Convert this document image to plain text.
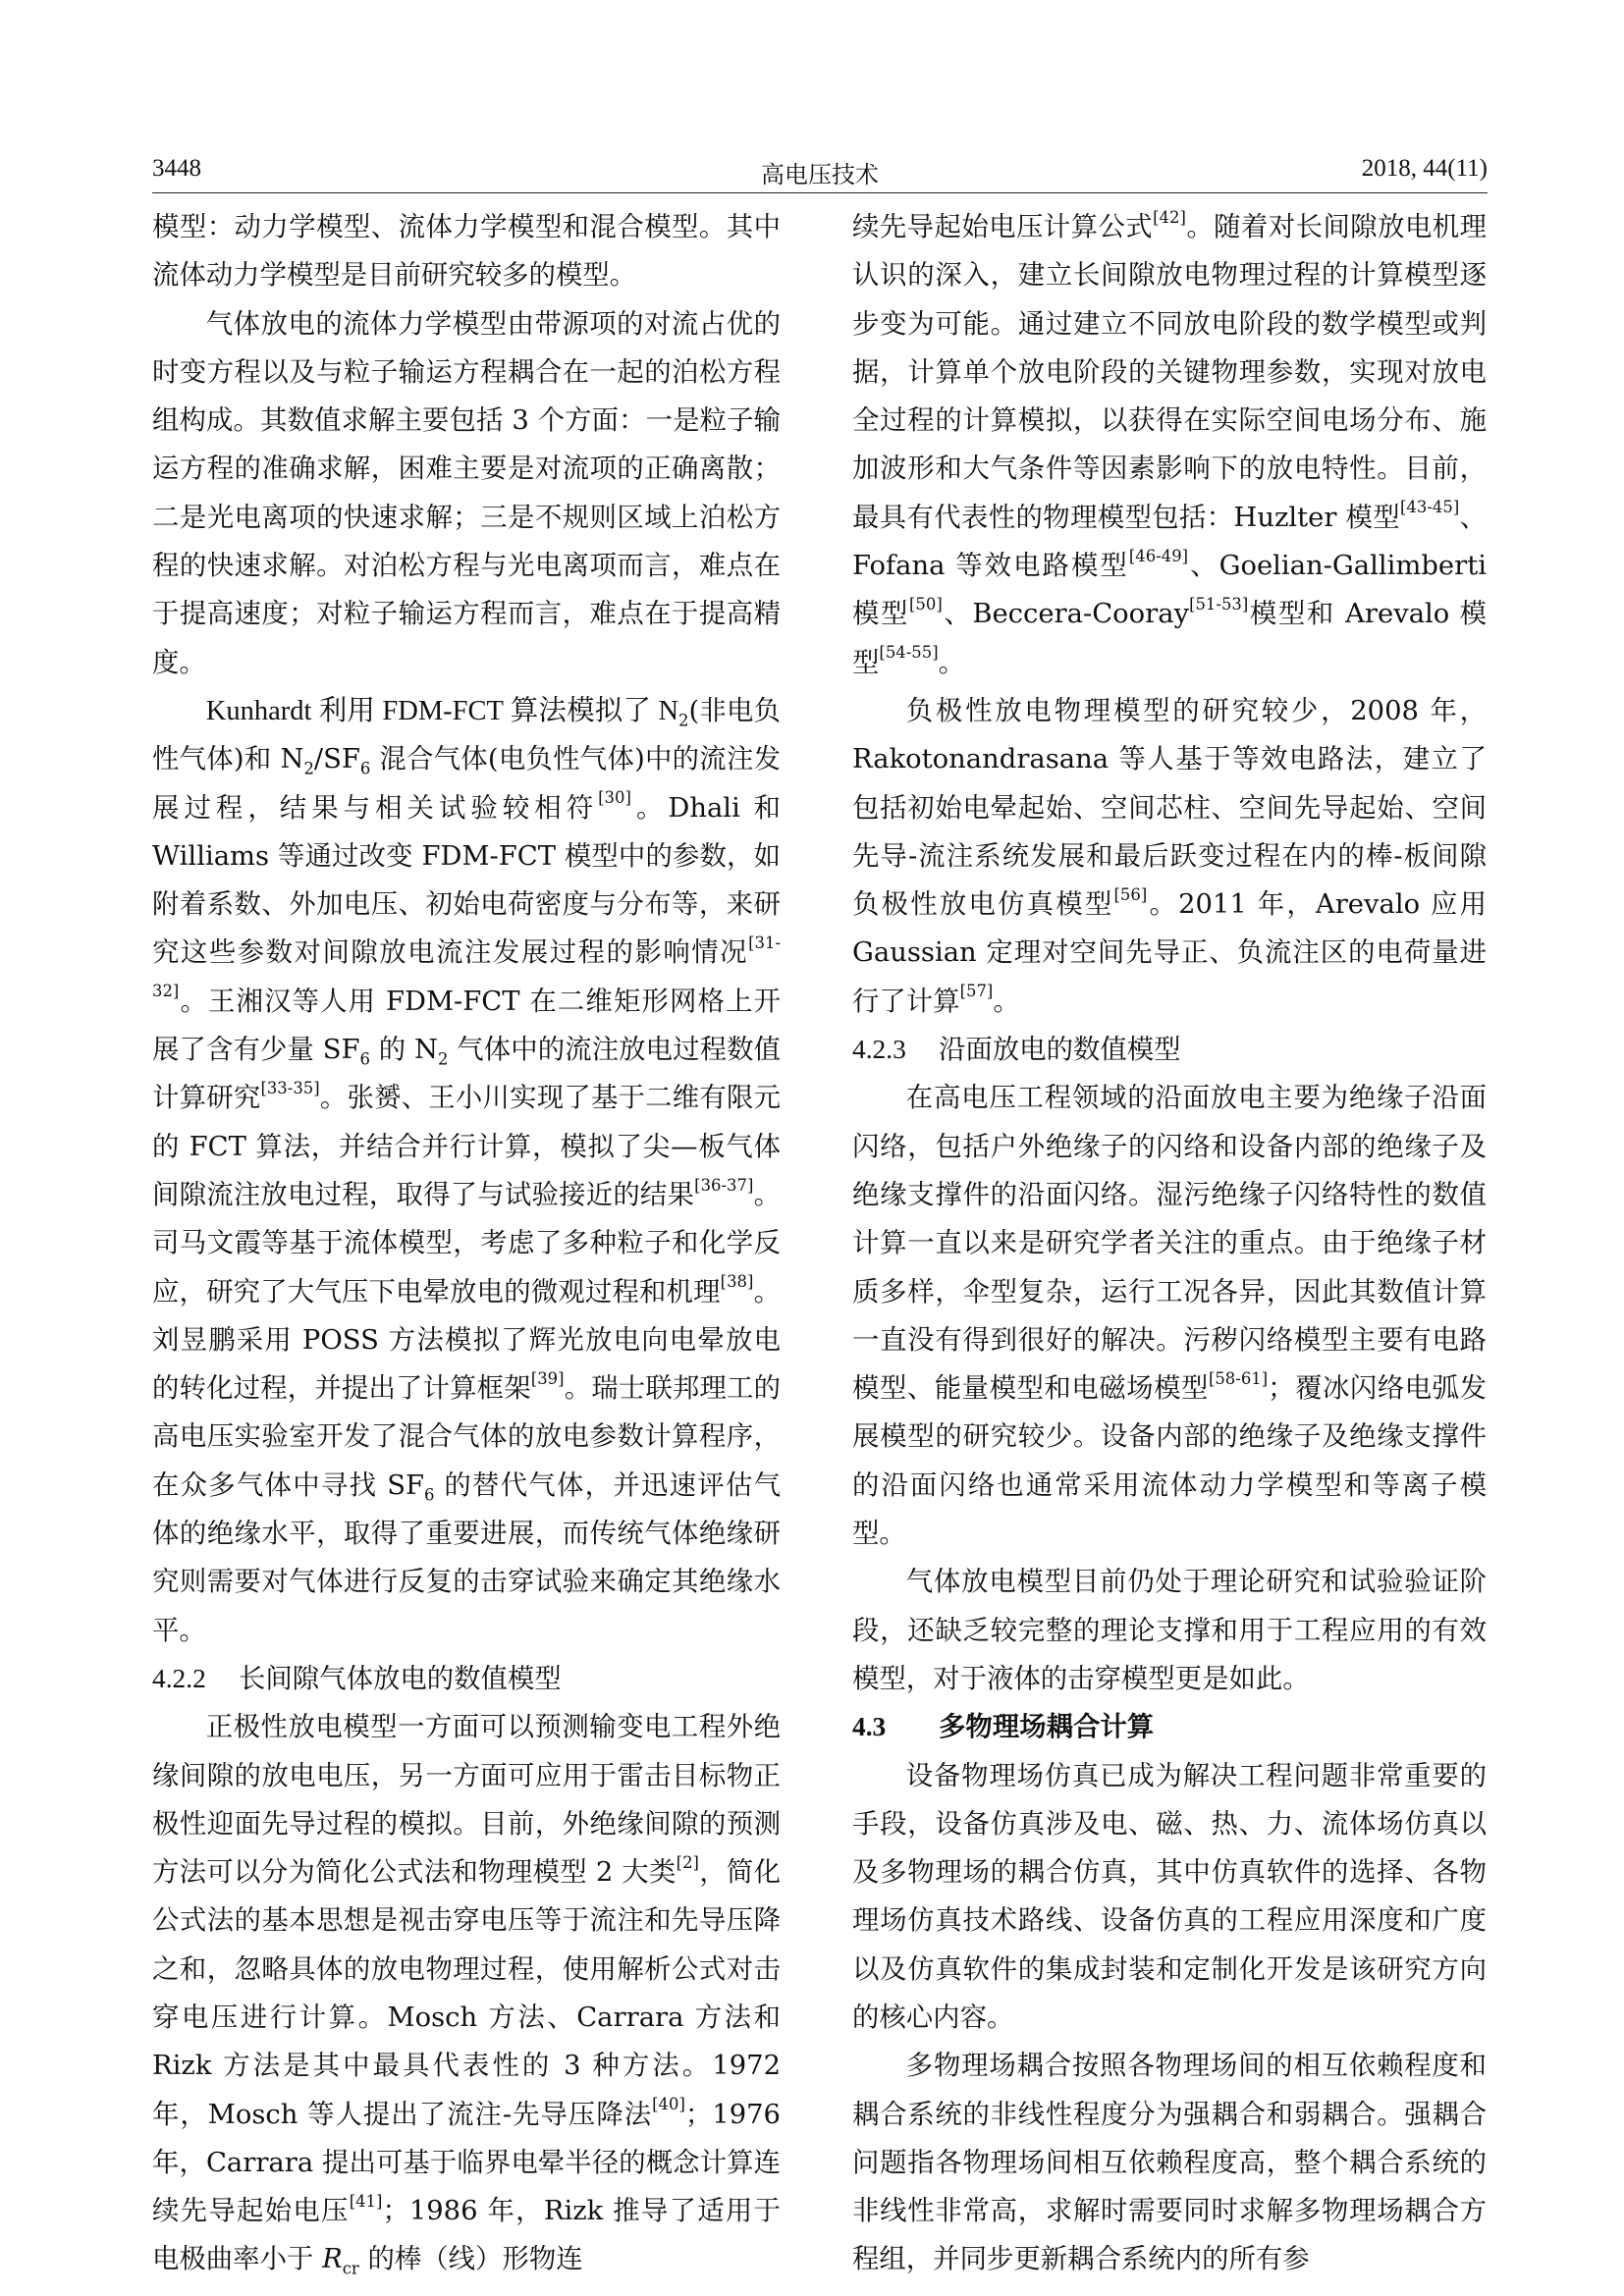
3448	高电压技术	2018, 44(11)

模型：动力学模型、流体力学模型和混合模型。其中流体动力学模型是目前研究较多的模型。

气体放电的流体力学模型由带源项的对流占优的时变方程以及与粒子输运方程耦合在一起的泊松方程组构成。其数值求解主要包括 3 个方面：一是粒子输运方程的准确求解，困难主要是对流项的正确离散；二是光电离项的快速求解；三是不规则区域上泊松方程的快速求解。对泊松方程与光电离项而言，难点在于提高速度；对粒子输运方程而言，难点在于提高精度。

Kunhardt 利用 FDM-FCT 算法模拟了 $N_2$(非电负性气体)和 $N_2/SF_6$ 混合气体(电负性气体)中的流注发展过程，结果与相关试验较相符[30]。Dhali 和 Williams 等通过改变 FDM-FCT 模型中的参数，如附着系数、外加电压、初始电荷密度与分布等，来研究这些参数对间隙放电流注发展过程的影响情况[31-32]。王湘汉等人用 FDM-FCT 在二维矩形网格上开展了含有少量 $SF_6$ 的 $N_2$ 气体中的流注放电过程数值计算研究[33-35]。张赟、王小川实现了基于二维有限元的 FCT 算法，并结合并行计算，模拟了尖—板气体间隙流注放电过程，取得了与试验接近的结果[36-37]。司马文霞等基于流体模型，考虑了多种粒子和化学反应，研究了大气压下电晕放电的微观过程和机理[38]。刘昱鹏采用 POSS 方法模拟了辉光放电向电晕放电的转化过程，并提出了计算框架[39]。瑞士联邦理工的高电压实验室开发了混合气体的放电参数计算程序，在众多气体中寻找 $SF_6$ 的替代气体，并迅速评估气体的绝缘水平，取得了重要进展，而传统气体绝缘研究则需要对气体进行反复的击穿试验来确定其绝缘水平。

4.2.2 长间隙气体放电的数值模型

正极性放电模型一方面可以预测输变电工程外绝缘间隙的放电电压，另一方面可应用于雷击目标物正极性迎面先导过程的模拟。目前，外绝缘间隙的预测方法可以分为简化公式法和物理模型 2 大类[2]，简化公式法的基本思想是视击穿电压等于流注和先导压降之和，忽略具体的放电物理过程，使用解析公式对击穿电压进行计算。Mosch 方法、Carrara 方法和 Rizk 方法是其中最具代表性的 3 种方法。1972 年，Mosch 等人提出了流注-先导压降法[40]；1976 年，Carrara 提出可基于临界电晕半径的概念计算连续先导起始电压[41]；1986 年，Rizk 推导了适用于电极曲率小于 $R_{cr}$ 的棒（线）形物连

续先导起始电压计算公式[42]。随着对长间隙放电机理认识的深入，建立长间隙放电物理过程的计算模型逐步变为可能。通过建立不同放电阶段的数学模型或判据，计算单个放电阶段的关键物理参数，实现对放电全过程的计算模拟，以获得在实际空间电场分布、施加波形和大气条件等因素影响下的放电特性。目前，最具有代表性的物理模型包括：Huzlter 模型[43-45]、Fofana 等效电路模型[46-49]、Goelian-Gallimberti 模型[50]、Beccera-Cooray[51-53]模型和 Arevalo 模型[54-55]。

负极性放电物理模型的研究较少，2008 年，Rakotonandrasana 等人基于等效电路法，建立了包括初始电晕起始、空间芯柱、空间先导起始、空间先导-流注系统发展和最后跃变过程在内的棒-板间隙负极性放电仿真模型[56]。2011 年，Arevalo 应用 Gaussian 定理对空间先导正、负流注区的电荷量进行了计算[57]。

4.2.3 沿面放电的数值模型

在高电压工程领域的沿面放电主要为绝缘子沿面闪络，包括户外绝缘子的闪络和设备内部的绝缘子及绝缘支撑件的沿面闪络。湿污绝缘子闪络特性的数值计算一直以来是研究学者关注的重点。由于绝缘子材质多样，伞型复杂，运行工况各异，因此其数值计算一直没有得到很好的解决。污秽闪络模型主要有电路模型、能量模型和电磁场模型[58-61]；覆冰闪络电弧发展模型的研究较少。设备内部的绝缘子及绝缘支撑件的沿面闪络也通常采用流体动力学模型和等离子模型。

气体放电模型目前仍处于理论研究和试验验证阶段，还缺乏较完整的理论支撑和用于工程应用的有效模型，对于液体的击穿模型更是如此。

4.3 多物理场耦合计算

设备物理场仿真已成为解决工程问题非常重要的手段，设备仿真涉及电、磁、热、力、流体场仿真以及多物理场的耦合仿真，其中仿真软件的选择、各物理场仿真技术路线、设备仿真的工程应用深度和广度以及仿真软件的集成封装和定制化开发是该研究方向的核心内容。

多物理场耦合按照各物理场间的相互依赖程度和耦合系统的非线性程度分为强耦合和弱耦合。强耦合问题指各物理场间相互依赖程度高，整个耦合系统的非线性非常高，求解时需要同时求解多物理场耦合方程组，并同步更新耦合系统内的所有参
